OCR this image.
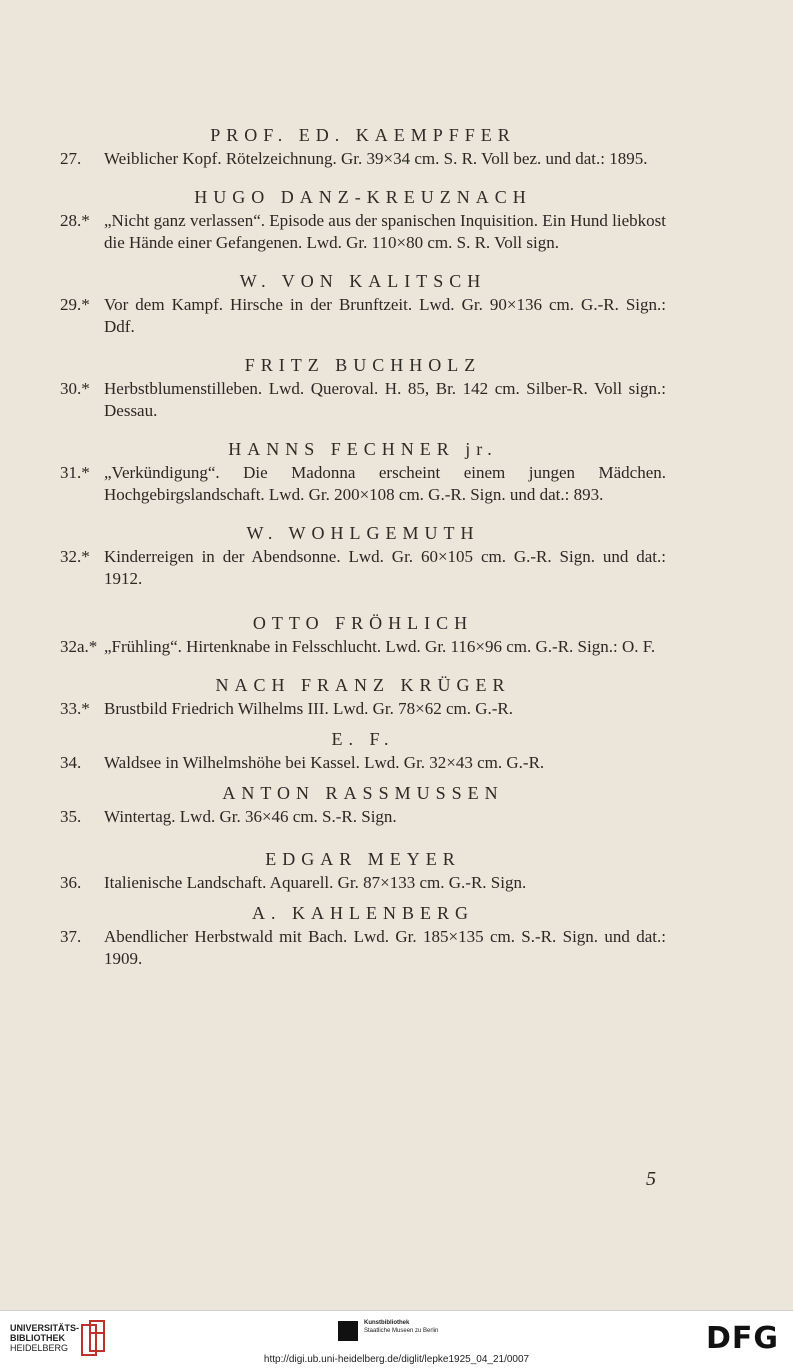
PROF. ED. KAEMPFFER
27.	Weiblicher Kopf. Rötelzeichnung. Gr. 39×34 cm. S. R. Voll bez. und dat.: 1895.
HUGO DANZ-KREUZNACH
28.* „Nicht ganz verlassen“. Episode aus der spanischen Inquisition. Ein Hund liebkost die Hände einer Gefangenen. Lwd. Gr. 110×80 cm. S. R. Voll sign.
W. VON KALITSCH
29.* Vor dem Kampf. Hirsche in der Brunftzeit. Lwd. Gr. 90×136 cm. G.-R. Sign.: Ddf.
FRITZ BUCHHOLZ
30.* Herbstblumenstilleben. Lwd. Queroval. H. 85, Br. 142 cm. Silber-R. Voll sign.: Dessau.
HANNS FECHNER jr.
31.* „Verkündigung“. Die Madonna erscheint einem jungen Mädchen. Hochgebirgslandschaft. Lwd. Gr. 200×108 cm. G.-R. Sign. und dat.: 893.
W. WOHLGEMUTH
32.* Kinderreigen in der Abendsonne. Lwd. Gr. 60×105 cm. G.-R. Sign. und dat.: 1912.
OTTO FRÖHLICH
32a.* „Frühling“. Hirtenknabe in Felsschlucht. Lwd. Gr. 116×96 cm. G.-R. Sign.: O. F.
NACH FRANZ KRÜGER
33.* Brustbild Friedrich Wilhelms III. Lwd. Gr. 78×62 cm. G.-R.
E. F.
34.	Waldsee in Wilhelmshöhe bei Kassel. Lwd. Gr. 32×43 cm. G.-R.
ANTON RASSMUSSEN
35.	Wintertag. Lwd. Gr. 36×46 cm. S.-R. Sign.
EDGAR MEYER
36.	Italienische Landschaft. Aquarell. Gr. 87×133 cm. G.-R. Sign.
A. KAHLENBERG
37.	Abendlicher Herbstwald mit Bach. Lwd. Gr. 185×135 cm. S.-R. Sign. und dat.: 1909.
5
UNIVERSITÄTS-
BIBLIOTHEK
HEIDELBERG
Kunstbibliothek
Staatliche Museen zu Berlin	DFG
http://digi.ub.uni-heidelberg.de/diglit/lepke1925_04_21/0007
